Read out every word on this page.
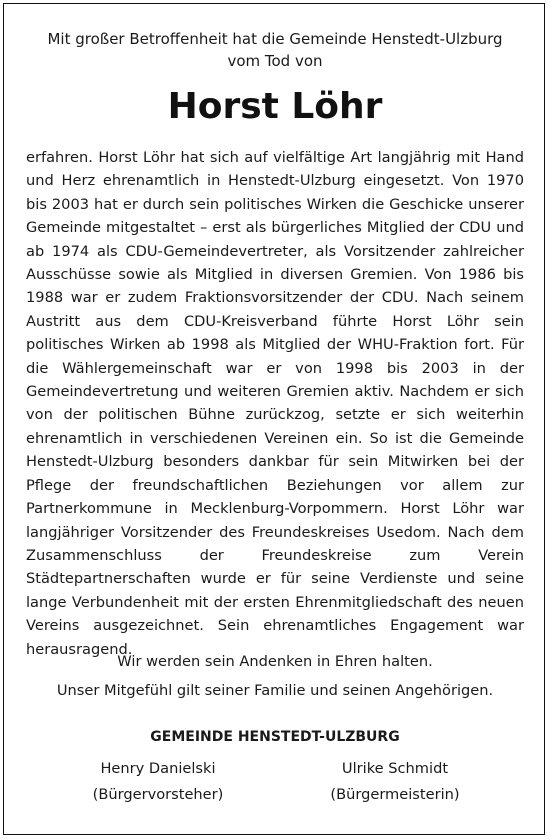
Mit großer Betroffenheit hat die Gemeinde Henstedt-Ulzburg
vom Tod von
Horst Löhr
erfahren. Horst Löhr hat sich auf vielfältige Art langjährig mit Hand und Herz ehrenamtlich in Henstedt-Ulzburg eingesetzt. Von 1970 bis 2003 hat er durch sein politisches Wirken die Geschicke unserer Gemeinde mitgestaltet – erst als bürgerliches Mitglied der CDU und ab 1974 als CDU-Gemeindevertreter, als Vorsitzender zahlreicher Ausschüsse sowie als Mitglied in diversen Gremien. Von 1986 bis 1988 war er zudem Fraktionsvorsitzender der CDU. Nach seinem Austritt aus dem CDU-Kreisverband führte Horst Löhr sein politisches Wirken ab 1998 als Mitglied der WHU-Fraktion fort. Für die Wählergemeinschaft war er von 1998 bis 2003 in der Gemeindevertretung und weiteren Gremien aktiv. Nachdem er sich von der politischen Bühne zurückzog, setzte er sich weiterhin ehrenamtlich in verschiedenen Vereinen ein. So ist die Gemeinde Henstedt-Ulzburg besonders dankbar für sein Mitwirken bei der Pflege der freundschaftlichen Beziehungen vor allem zur Partnerkommune in Mecklenburg-Vorpommern. Horst Löhr war langjähriger Vorsitzender des Freundeskreises Usedom. Nach dem Zusammenschluss der Freundeskreise zum Verein Städtepartnerschaften wurde er für seine Verdienste und seine lange Verbundenheit mit der ersten Ehrenmitgliedschaft des neuen Vereins ausgezeichnet. Sein ehrenamtliches Engagement war herausragend.
Wir werden sein Andenken in Ehren halten.
Unser Mitgefühl gilt seiner Familie und seinen Angehörigen.
GEMEINDE HENSTEDT-ULZBURG
Henry Danielski
(Bürgervorsteher)
Ulrike Schmidt
(Bürgermeisterin)
